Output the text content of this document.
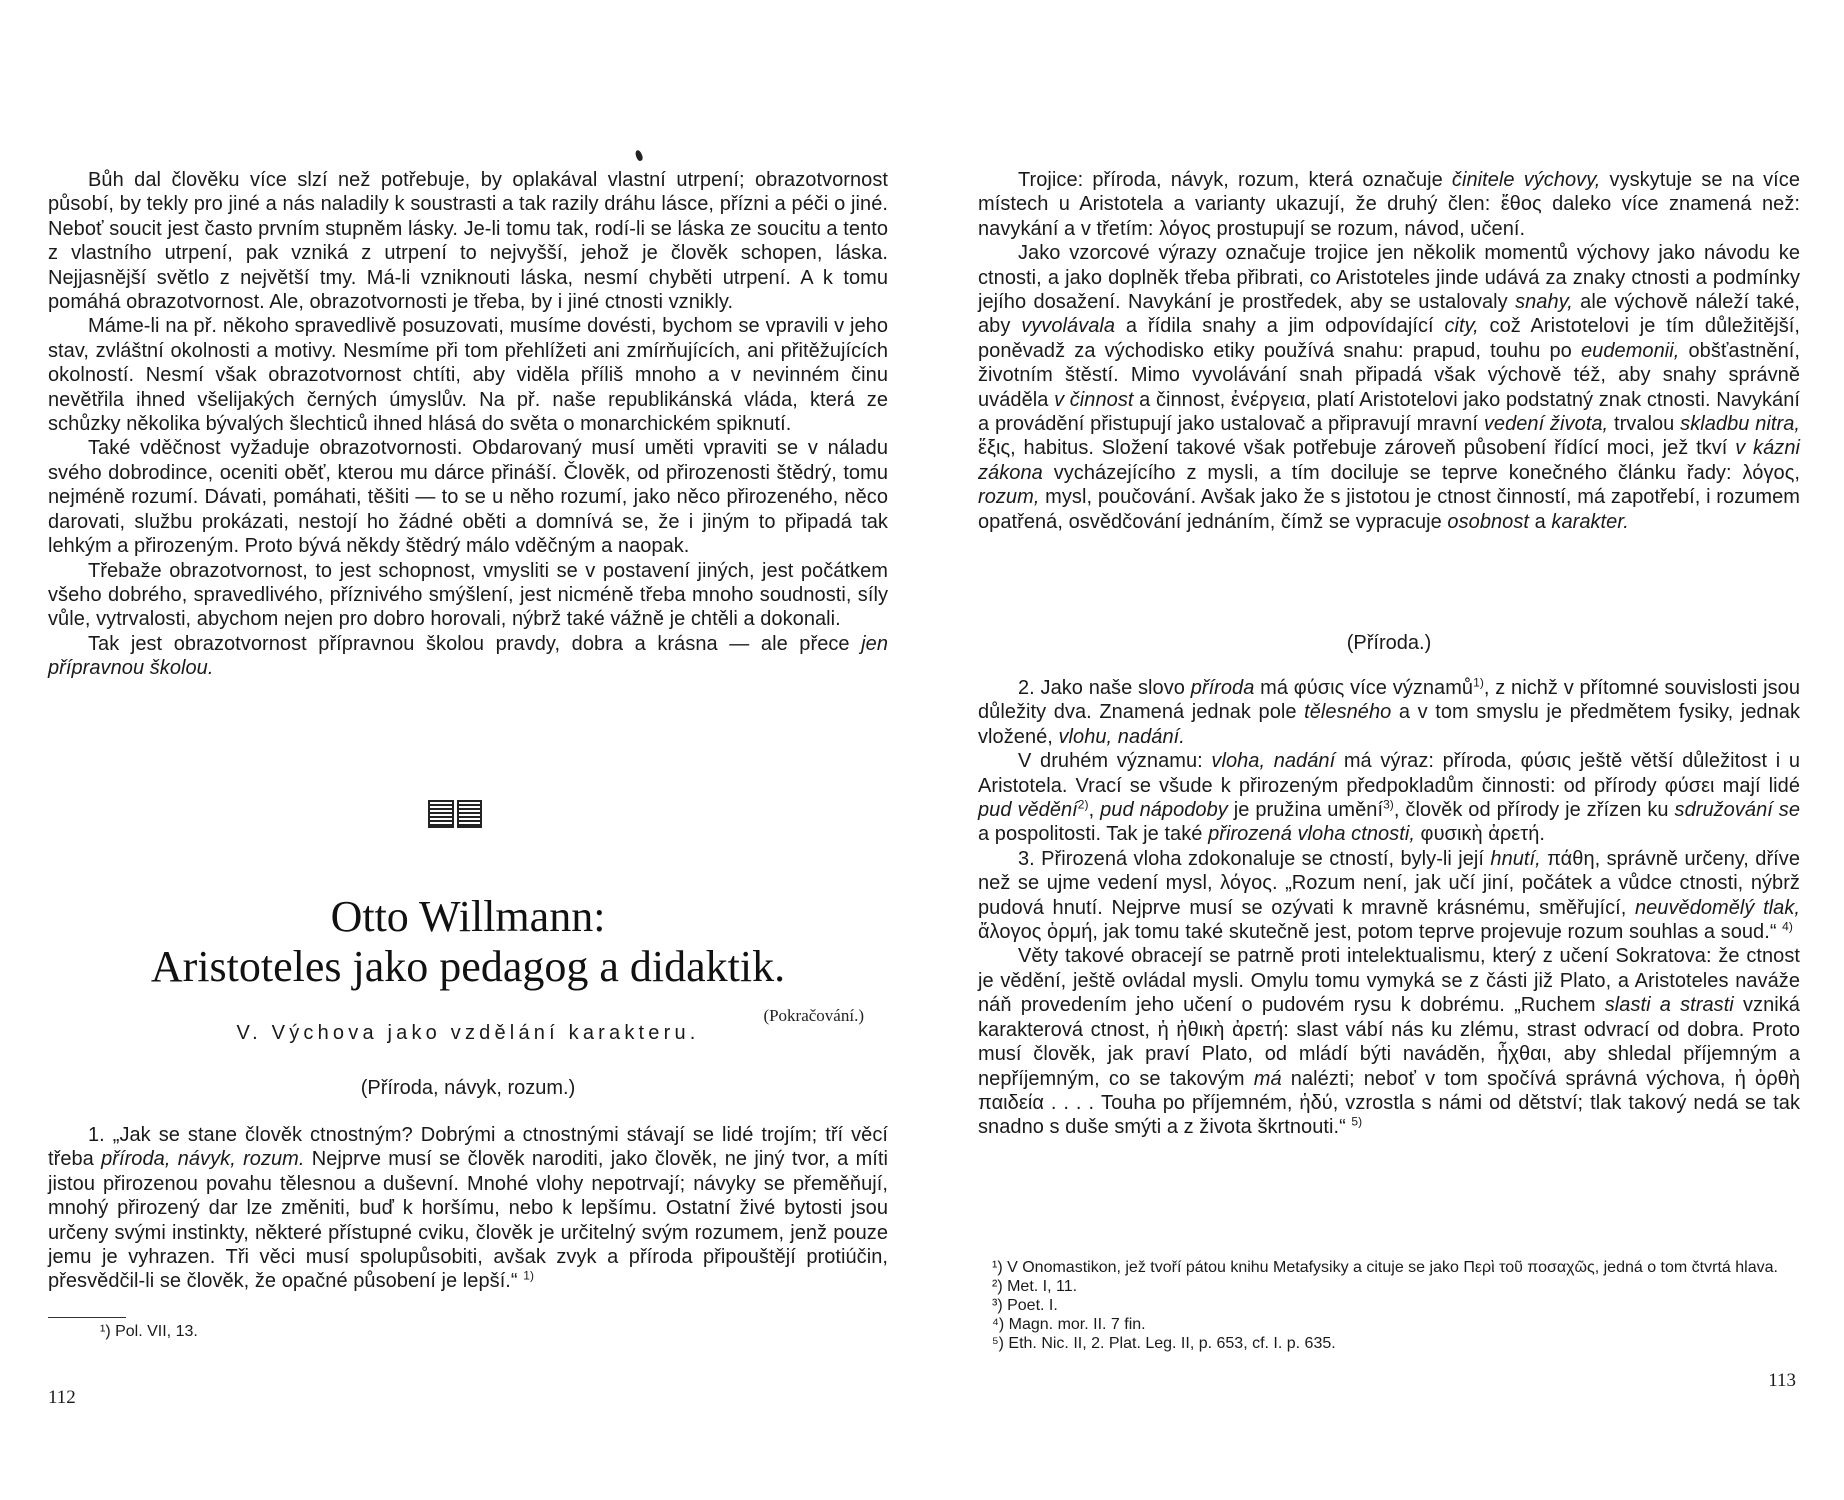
Bůh dal člověku více slzí než potřebuje, by oplakával vlastní utrpení; obrazotvornost působí, by tekly pro jiné a nás naladily k soustrasti a tak razily dráhu lásce, přízni a péči o jiné. Neboť soucit jest často prvním stupněm lásky. Je-li tomu tak, rodí-li se láska ze soucitu a tento z vlastního utrpení, pak vzniká z utrpení to nejvyšší, jehož je člověk schopen, láska. Nejjasnější světlo z největší tmy. Má-li vzniknouti láska, nesmí chyběti utrpení. A k tomu pomáhá obrazotvornost. Ale, obrazotvornosti je třeba, by i jiné ctnosti vznikly.

Máme-li na př. někoho spravedlivě posuzovati, musíme dovésti, bychom se vpravili v jeho stav, zvláštní okolnosti a motivy. Nesmíme při tom přehlížeti ani zmírňujících, ani přitěžujících okolností. Nesmí však obrazotvornost chtíti, aby viděla příliš mnoho a v nevinném činu nevětřila ihned všelijakých černých úmyslův. Na př. naše republikánská vláda, která ze schůzky několika bývalých šlechticů ihned hlásá do světa o monarchickém spiknutí.

Také vděčnost vyžaduje obrazotvornosti. Obdarovaný musí uměti vpraviti se v náladu svého dobrodince, oceniti oběť, kterou mu dárce přináší. Člověk, od přirozenosti štědrý, tomu nejméně rozumí. Dávati, pomáhati, těšiti — to se u něho rozumí, jako něco přirozeného, něco darovati, službu prokázati, nestojí ho žádné oběti a domnívá se, že i jiným to připadá tak lehkým a přirozeným. Proto bývá někdy štědrý málo vděčným a naopak.

Třebaže obrazotvornost, to jest schopnost, vmysliti se v postavení jiných, jest počátkem všeho dobrého, spravedlivého, příznivého smýšlení, jest nicméně třeba mnoho soudnosti, síly vůle, vytrvalosti, abychom nejen pro dobro horovali, nýbrž také vážně je chtěli a dokonali.

Tak jest obrazotvornost přípravnou školou pravdy, dobra a krásna — ale přece jen přípravnou školou.

Otto Willmann:
Aristoteles jako pedagog a didaktik.
(Pokračování.)
V. Výchova jako vzdělání karakteru.
(Příroda, návyk, rozum.)

1. „Jak se stane člověk ctnostným? Dobrými a ctnostnými stávají se lidé trojím; tří věcí třeba příroda, návyk, rozum. Nejprve musí se člověk naroditi, jako člověk, ne jiný tvor, a míti jistou přirozenou povahu tělesnou a duševní. Mnohé vlohy nepotrvají; návyky se přeměňují, mnohý přirozený dar lze změniti, buď k horšímu, nebo k lepšímu. Ostatní živé bytosti jsou určeny svými instinkty, některé přístupné cviku, člověk je určitelný svým rozumem, jenž pouze jemu je vyhrazen. Tři věci musí spolupůsobiti, avšak zvyk a příroda připouštějí protiúčin, přesvědčil-li se člověk, že opačné působení je lepší.“ $^{1)}$

¹) Pol. VII, 13.
112

Trojice: příroda, návyk, rozum, která označuje činitele výchovy, vyskytuje se na více místech u Aristotela a varianty ukazují, že druhý člen: ἔθος daleko více znamená než: navykání a v třetím: λόγος prostupují se rozum, návod, učení.

Jako vzorcové výrazy označuje trojice jen několik momentů výchovy jako návodu ke ctnosti, a jako doplněk třeba přibrati, co Aristoteles jinde udává za znaky ctnosti a podmínky jejího dosažení. Navykání je prostředek, aby se ustalovaly snahy, ale výchově náleží také, aby vyvolávala a řídila snahy a jim odpovídající city, což Aristotelovi je tím důležitější, poněvadž za východisko etiky používá snahu: prapud, touhu po eudemonii, obšťastnění, životním štěstí. Mimo vyvolávání snah připadá však výchově též, aby snahy správně uváděla v činnost a činnost, ἐνέργεια, platí Aristotelovi jako podstatný znak ctnosti. Navykání a provádění přistupují jako ustalovač a připravují mravní vedení života, trvalou skladbu nitra, ἕξις, habitus. Složení takové však potřebuje zároveň působení řídící moci, jež tkví v kázni zákona vycházejícího z mysli, a tím dociluje se teprve konečného článku řady: λόγος, rozum, mysl, poučování. Avšak jako že s jistotou je ctnost činností, má zapotřebí, i rozumem opatřená, osvědčování jednáním, čímž se vypracuje osobnost a karakter.

(Příroda.)

2. Jako naše slovo příroda má φύσις více významů$^{1)}$, z nichž v přítomné souvislosti jsou důležity dva. Znamená jednak pole tělesného a v tom smyslu je předmětem fysiky, jednak vložené, vlohu, nadání.

V druhém významu: vloha, nadání má výraz: příroda, φύσις ještě větší důležitost i u Aristotela. Vrací se všude k přirozeným předpokladům činnosti: od přírody φύσει mají lidé pud vědění$^{2)}$, pud nápodoby je pružina umění$^{3)}$, člověk od přírody je zřízen ku sdružování se a pospolitosti. Tak je také přirozená vloha ctnosti, φυσικὴ ἀρετή.

3. Přirozená vloha zdokonaluje se ctností, byly-li její hnutí, πάθη, správně určeny, dříve než se ujme vedení mysl, λόγος. „Rozum není, jak učí jiní, počátek a vůdce ctnosti, nýbrž pudová hnutí. Nejprve musí se ozývati k mravně krásnému, směřující, neuvědomělý tlak, ἄλογος ὁρμή, jak tomu také skutečně jest, potom teprve projevuje rozum souhlas a soud.“ $^{4)}$

Věty takové obracejí se patrně proti intelektualismu, který z učení Sokratova: že ctnost je vědění, ještě ovládal mysli. Omylu tomu vymyká se z části již Plato, a Aristoteles naváže náň provedením jeho učení o pudovém rysu k dobrému. „Ruchem slasti a strasti vzniká karakterová ctnost, ἡ ἠθικὴ ἀρετή: slast vábí nás ku zlému, strast odvrací od dobra. Proto musí člověk, jak praví Plato, od mládí býti naváděn, ἦχθαι, aby shledal příjemným a nepříjemným, co se takovým má nalézti; neboť v tom spočívá správná výchova, ἡ ὀρθὴ παιδεία . . . . Touha po příjemném, ἡδύ, vzrostla s námi od dětství; tlak takový nedá se tak snadno s duše smýti a z života škrtnouti.“ $^{5)}$

¹) V Onomastikon, jež tvoří pátou knihu Metafysiky a cituje se jako Περὶ τοῦ ποσαχῶς, jedná o tom čtvrtá hlava.
²) Met. I, 11.
³) Poet. I.
⁴) Magn. mor. II. 7 fin.
⁵) Eth. Nic. II, 2. Plat. Leg. II, p. 653, cf. I. p. 635.
113
